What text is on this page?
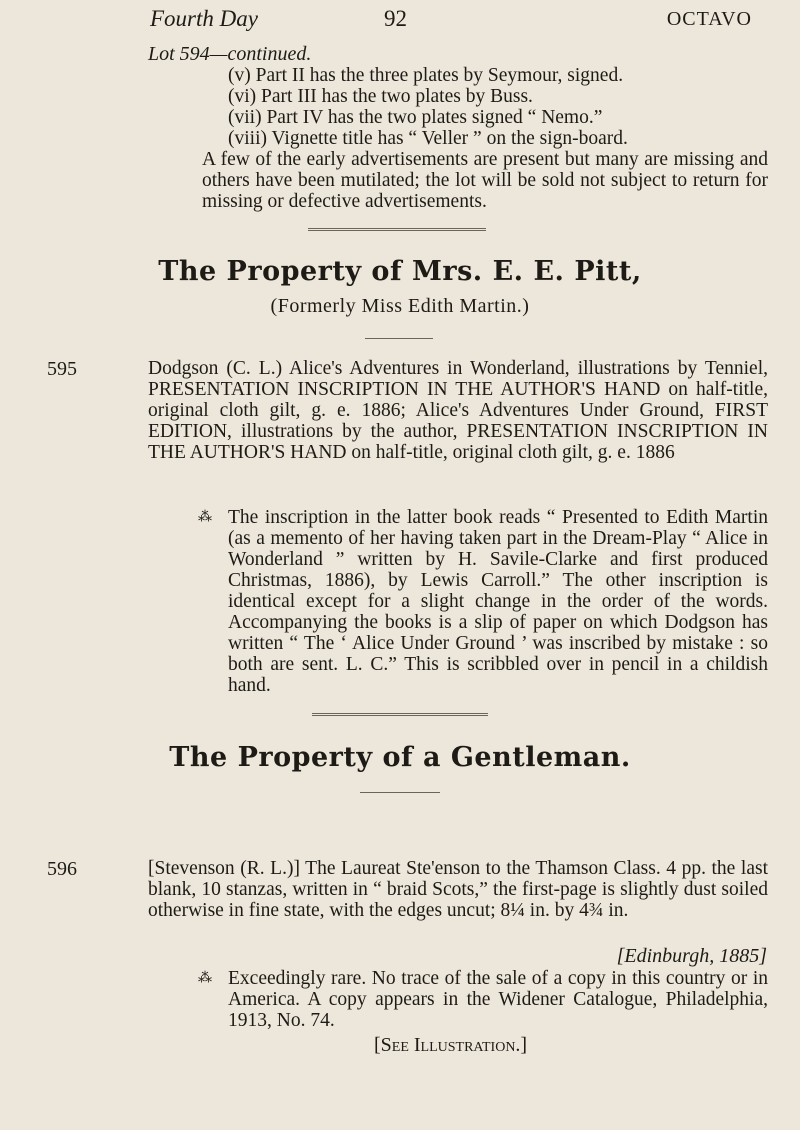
Fourth Day	92	OCTAVO
Lot 594—continued.
(v) Part II has the three plates by Seymour, signed.
(vi) Part III has the two plates by Buss.
(vii) Part IV has the two plates signed “ Nemo.”
(viii) Vignette title has “ Veller ” on the sign-board.
A few of the early advertisements are present but many are missing and others have been mutilated; the lot will be sold not subject to return for missing or defective advertisements.
The Property of Mrs. E. E. Pitt,
(Formerly Miss Edith Martin.)
595	Dodgson (C. L.) Alice's Adventures in Wonderland, illustrations by Tenniel, PRESENTATION INSCRIPTION IN THE AUTHOR'S HAND on half-title, original cloth gilt, g. e. 1886; Alice's Adventures Under Ground, FIRST EDITION, illustrations by the author, PRESENTATION INSCRIPTION IN THE AUTHOR'S HAND on half-title, original cloth gilt, g. e. 1886
⁂ The inscription in the latter book reads “ Presented to Edith Martin (as a memento of her having taken part in the Dream-Play “ Alice in Wonderland ” written by H. Savile-Clarke and first produced Christmas, 1886), by Lewis Carroll.” The other inscription is identical except for a slight change in the order of the words. Accompanying the books is a slip of paper on which Dodgson has written “ The ‘ Alice Under Ground ’ was inscribed by mistake : so both are sent. L. C.” This is scribbled over in pencil in a childish hand.
The Property of a Gentleman.
596	[Stevenson (R. L.)] The Laureat Ste'enson to the Thamson Class. 4 pp. the last blank, 10 stanzas, written in “ braid Scots,” the first-page is slightly dust soiled otherwise in fine state, with the edges uncut; 8¼ in. by 4¾ in.
[Edinburgh, 1885]
⁂ Exceedingly rare. No trace of the sale of a copy in this country or in America. A copy appears in the Widener Catalogue, Philadelphia, 1913, No. 74.
[See Illustration.]
